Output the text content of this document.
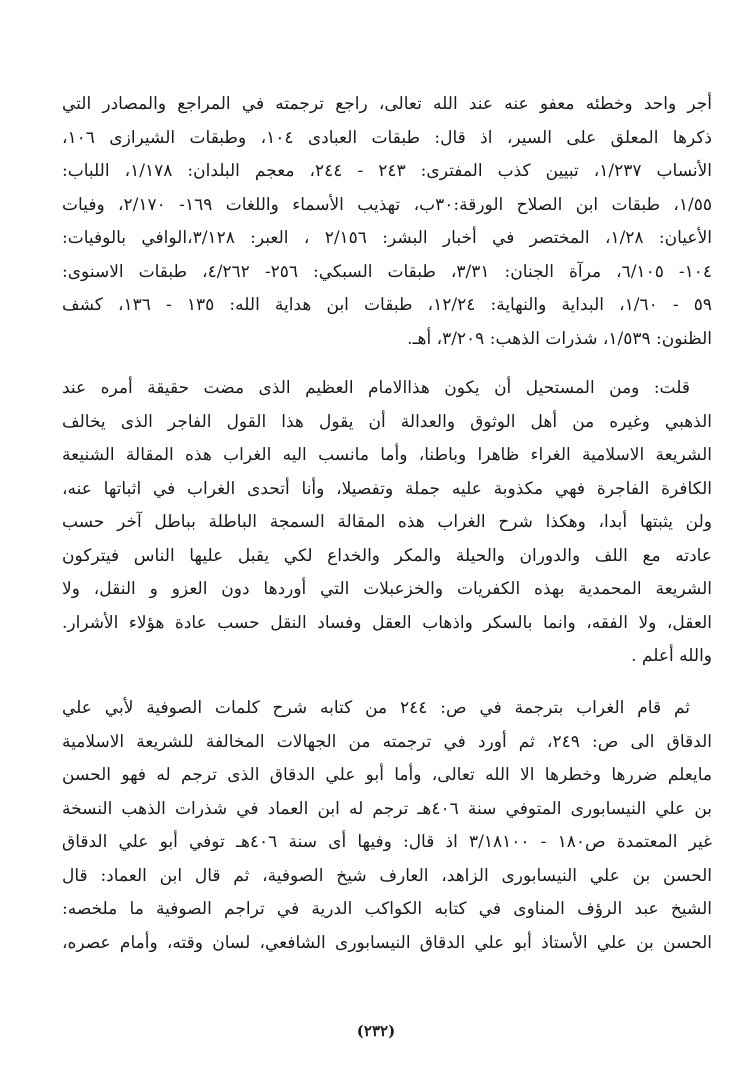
أجر واحد وخطئه معفو عنه عند الله تعالى، راجع ترجمته في المراجع والمصادر التي
ذكرها المعلق على السير، اذ قال: طبقات العبادى ١٠٤، وطبقات الشيرازى ١٠٦،
الأنساب ١/٢٣٧، تبيين كذب المفترى: ٢٤٣ - ٢٤٤، معجم البلدان: ١/١٧٨، اللباب:
١/٥٥، طبقات ابن الصلاح الورقة:٣٠ب، تهذيب الأسماء واللغات ١٦٩- ٢/١٧٠، وفيات
الأعيان: ١/٢٨، المختصر في أخبار البشر: ٢/١٥٦ ، العبر: ٣/١٢٨،الوافي بالوفيات:
١٠٤- ٦/١٠٥، مرآة الجنان: ٣/٣١، طبقات السبكي: ٢٥٦- ٤/٢٦٢، طبقات الاسنوى:
٥٩ - ١/٦٠، البداية والنهاية: ١٢/٢٤، طبقات ابن هداية الله: ١٣٥ - ١٣٦، كشف
الظنون: ١/٥٣٩، شذرات الذهب: ٣/٢٠٩، أهـ.
قلت: ومن المستحيل أن يكون هذاالامام العظيم الذى مضت حقيقة أمره عند
الذهبي وغيره من أهل الوثوق والعدالة أن يقول هذا القول الفاجر الذى يخالف
الشريعة الاسلامية الغراء ظاهرا وباطنا، وأما مانسب اليه الغراب هذه المقالة الشنيعة
الكافرة الفاجرة فهي مكذوبة عليه جملة وتفصيلا، وأنا أتحدى الغراب في اثباتها عنه،
ولن يثبتها أبدا، وهكذا شرح الغراب هذه المقالة السمجة الباطلة بباطل آخر حسب
عادته مع اللف والدوران والحيلة والمكر والخداع لكي يقبل عليها الناس فيتركون
الشريعة المحمدية بهذه الكفريات والخزعبلات التي أوردها دون العزو و النقل، ولا
العقل، ولا الفقه، وانما بالسكر واذهاب العقل وفساد النقل حسب عادة هؤلاء الأشرار.
والله أعلم .
ثم قام الغراب بترجمة في ص: ٢٤٤ من كتابه شرح كلمات الصوفية لأبي علي
الدقاق الى ص: ٢٤٩، ثم أورد في ترجمته من الجهالات المخالفة للشريعة الاسلامية
مايعلم ضررها وخطرها الا الله تعالى، وأما أبو علي الدقاق الذى ترجم له فهو الحسن
بن علي النيسابورى المتوفي سنة ٤٠٦هـ ترجم له ابن العماد في شذرات الذهب النسخة
غير المعتمدة ص١٨٠ - ٣/١٨١٠٠ اذ قال: وفيها أى سنة ٤٠٦هـ توفي أبو علي الدقاق
الحسن بن علي النيسابورى الزاهد، العارف شيخ الصوفية، ثم قال ابن العماد: قال
الشيخ عبد الرؤف المناوى في كتابه الكواكب الدرية في تراجم الصوفية ما ملخصه:
الحسن بن علي الأستاذ أبو علي الدقاق النيسابورى الشافعي، لسان وقته، وأمام عصره،
(٢٣٢)
